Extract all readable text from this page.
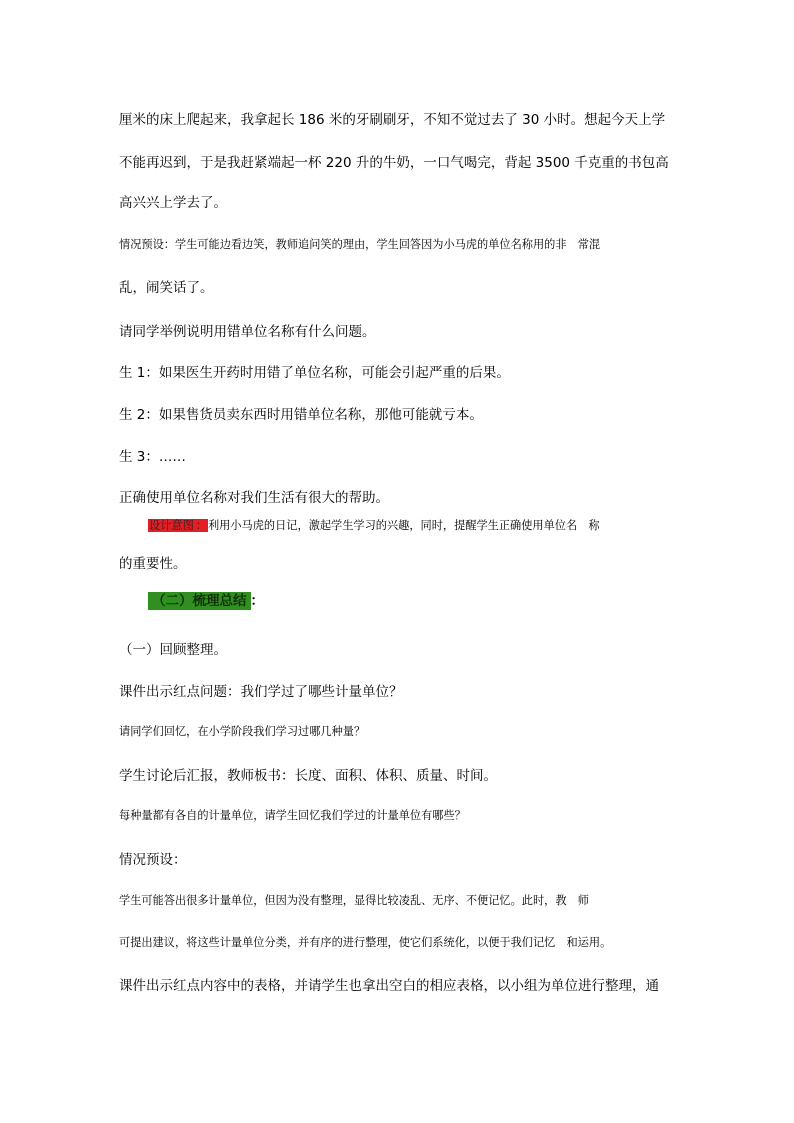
厘米的床上爬起来，我拿起长 186 米的牙刷刷牙，不知不觉过去了 30 小时。想起今天上学
不能再迟到，于是我赶紧端起一杯 220 升的牛奶，一口气喝完，背起 3500 千克重的书包高
高兴兴上学去了。
情况预设：学生可能边看边笑，教师追问笑的理由，学生回答因为小马虎的单位名称用的非　常混
乱，闹笑话了。
请同学举例说明用错单位名称有什么问题。
生 1：如果医生开药时用错了单位名称，可能会引起严重的后果。
生 2：如果售货员卖东西时用错单位名称，那他可能就亏本。
生 3：……
正确使用单位名称对我们生活有很大的帮助。
设计意图 ：利用小马虎的日记，激起学生学习的兴趣，同时，提醒学生正确使用单位名　称
的重要性。
（二）梳理总结 ：
（一）回顾整理。
课件出示红点问题：我们学过了哪些计量单位？
请同学们回忆，在小学阶段我们学习过哪几种量？
学生讨论后汇报，教师板书：长度、面积、体积、质量、时间。
每种量都有各自的计量单位，请学生回忆我们学过的计量单位有哪些？
情况预设：
学生可能答出很多计量单位，但因为没有整理，显得比较凌乱、无序、不便记忆。此时，教　师
可提出建议，将这些计量单位分类，并有序的进行整理，使它们系统化，以便于我们记忆　和运用。
课件出示红点内容中的表格，并请学生也拿出空白的相应表格，以小组为单位进行整理，通
